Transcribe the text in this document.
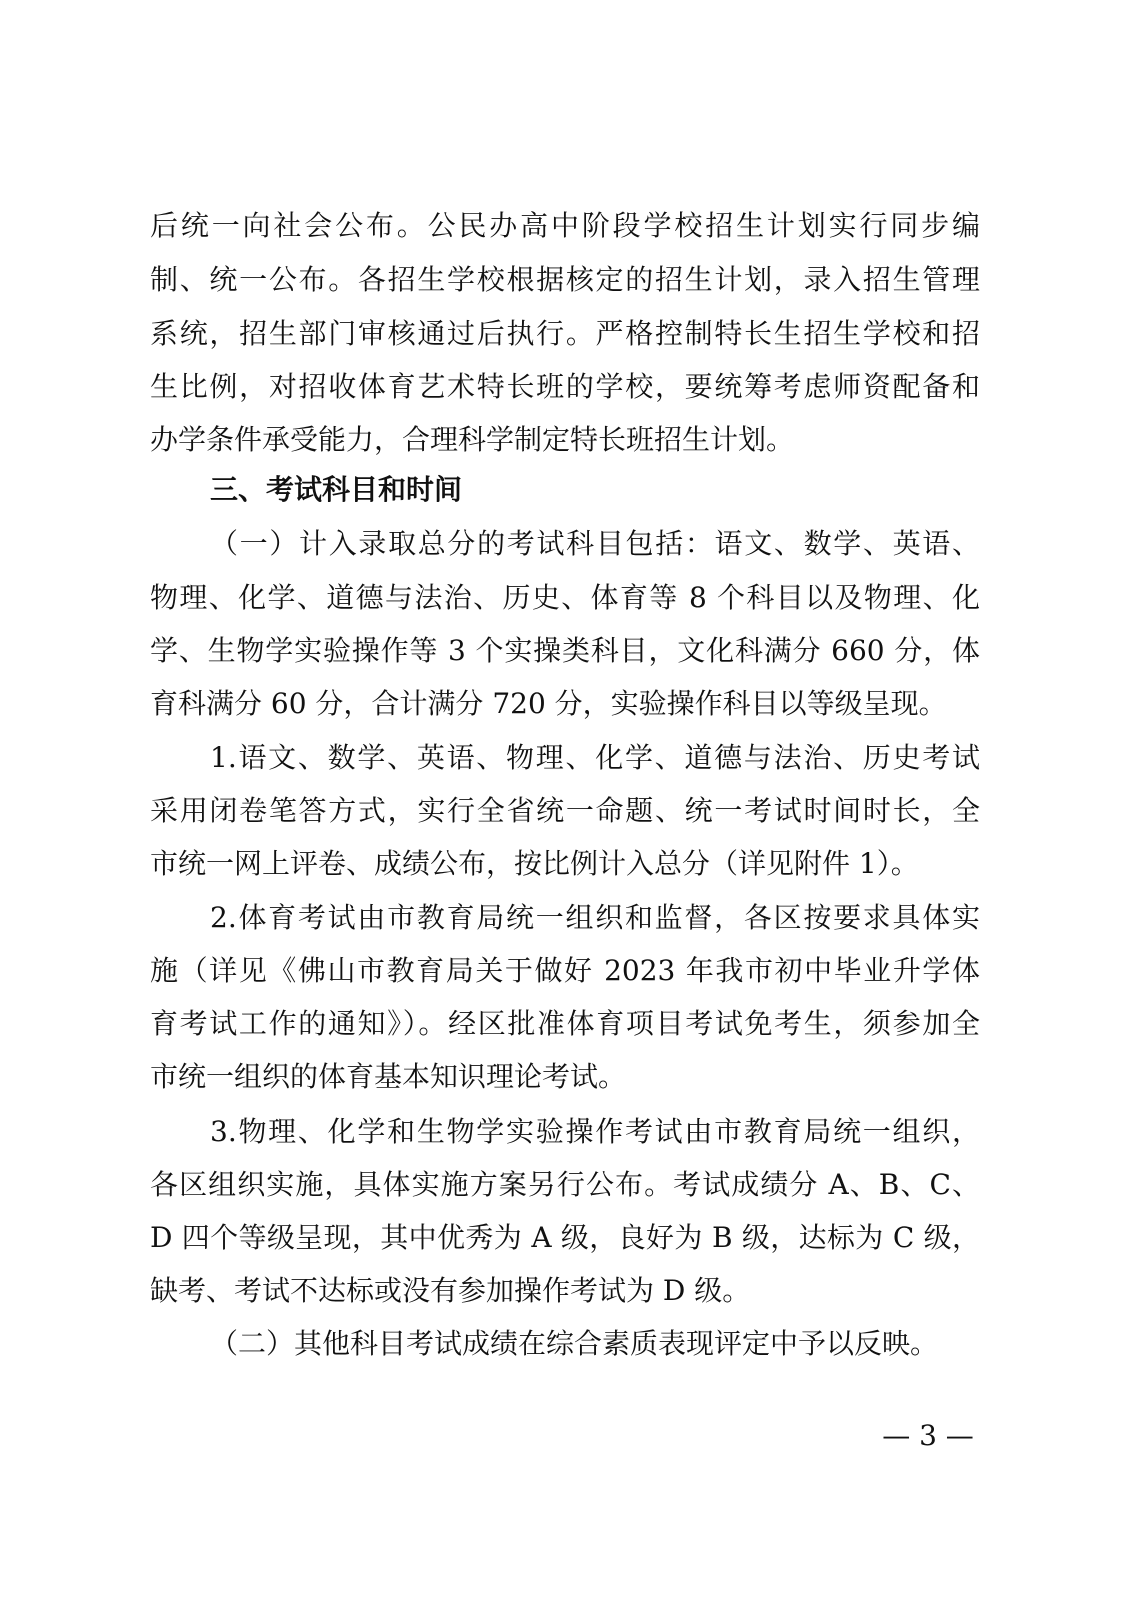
后统一向社会公布。公民办高中阶段学校招生计划实行同步编
制、统一公布。各招生学校根据核定的招生计划，录入招生管理
系统，招生部门审核通过后执行。严格控制特长生招生学校和招
生比例，对招收体育艺术特长班的学校，要统筹考虑师资配备和
办学条件承受能力，合理科学制定特长班招生计划。
三、考试科目和时间
（一）计入录取总分的考试科目包括：语文、数学、英语、
物理、化学、道德与法治、历史、体育等 8 个科目以及物理、化
学、生物学实验操作等 3 个实操类科目，文化科满分 660 分，体
育科满分 60 分，合计满分 720 分，实验操作科目以等级呈现。
1.语文、数学、英语、物理、化学、道德与法治、历史考试
采用闭卷笔答方式，实行全省统一命题、统一考试时间时长，全
市统一网上评卷、成绩公布，按比例计入总分（详见附件 1）。
2.体育考试由市教育局统一组织和监督，各区按要求具体实
施（详见《佛山市教育局关于做好 2023 年我市初中毕业升学体
育考试工作的通知》）。经区批准体育项目考试免考生，须参加全
市统一组织的体育基本知识理论考试。
3.物理、化学和生物学实验操作考试由市教育局统一组织，
各区组织实施，具体实施方案另行公布。考试成绩分 A、B、C、
D 四个等级呈现，其中优秀为 A 级，良好为 B 级，达标为 C 级，
缺考、考试不达标或没有参加操作考试为 D 级。
（二）其他科目考试成绩在综合素质表现评定中予以反映。
— 3 —
